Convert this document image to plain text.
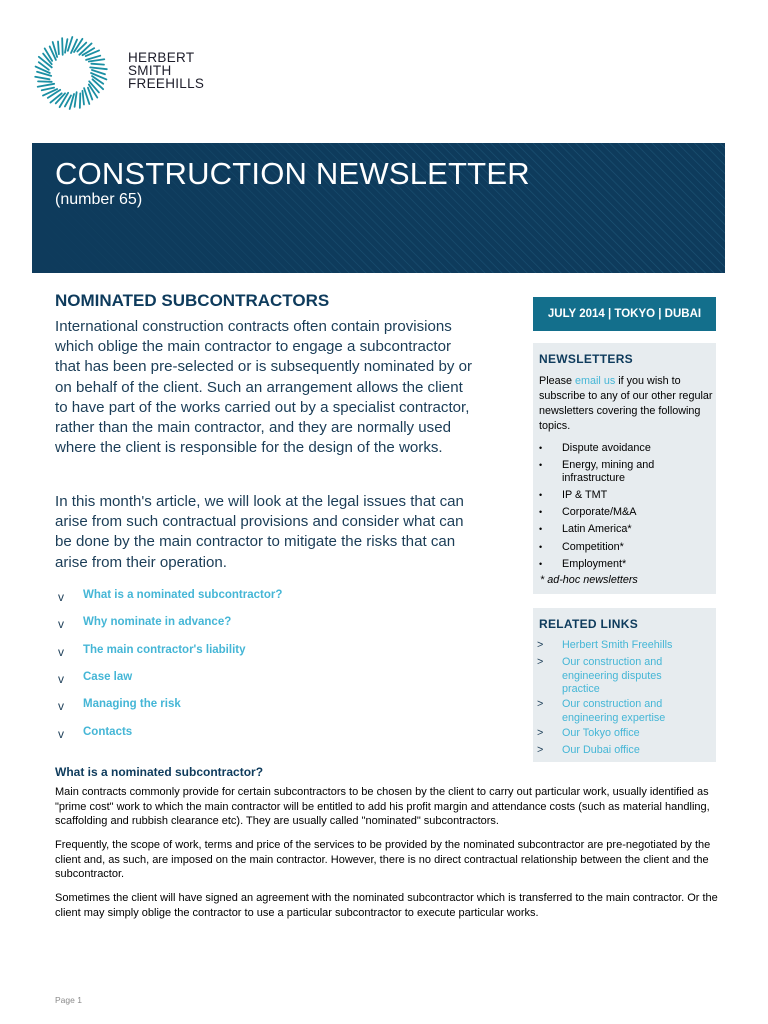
HERBERT
SMITH
FREEHILLS
CONSTRUCTION NEWSLETTER
(number 65)
NOMINATED SUBCONTRACTORS
International construction contracts often contain provisions which oblige the main contractor to engage a subcontractor that has been pre-selected or is subsequently nominated by or on behalf of the client. Such an arrangement allows the client to have part of the works carried out by a specialist contractor, rather than the main contractor, and they are normally used where the client is responsible for the design of the works.
In this month's article, we will look at the legal issues that can arise from such contractual provisions and consider what can be done by the main contractor to mitigate the risks that can arise from their operation.
v What is a nominated subcontractor?
v Why nominate in advance?
v The main contractor's liability
v Case law
v Managing the risk
v Contacts
What is a nominated subcontractor?
Main contracts commonly provide for certain subcontractors to be chosen by the client to carry out particular work, usually identified as "prime cost" work to which the main contractor will be entitled to add his profit margin and attendance costs (such as material handling, scaffolding and rubbish clearance etc). They are usually called "nominated" subcontractors.
Frequently, the scope of work, terms and price of the services to be provided by the nominated subcontractor are pre-negotiated by the client and, as such, are imposed on the main contractor. However, there is no direct contractual relationship between the client and the subcontractor.
Sometimes the client will have signed an agreement with the nominated subcontractor which is transferred to the main contractor. Or the client may simply oblige the contractor to use a particular subcontractor to execute particular works.
Page 1
JULY 2014 | TOKYO | DUBAI
NEWSLETTERS
Please email us if you wish to subscribe to any of our other regular newsletters covering the following topics.
• Dispute avoidance
• Energy, mining and infrastructure
• IP & TMT
• Corporate/M&A
• Latin America*
• Competition*
• Employment*
* ad-hoc newsletters
RELATED LINKS
> Herbert Smith Freehills
> Our construction and engineering disputes practice
> Our construction and engineering expertise
> Our Tokyo office
> Our Dubai office
